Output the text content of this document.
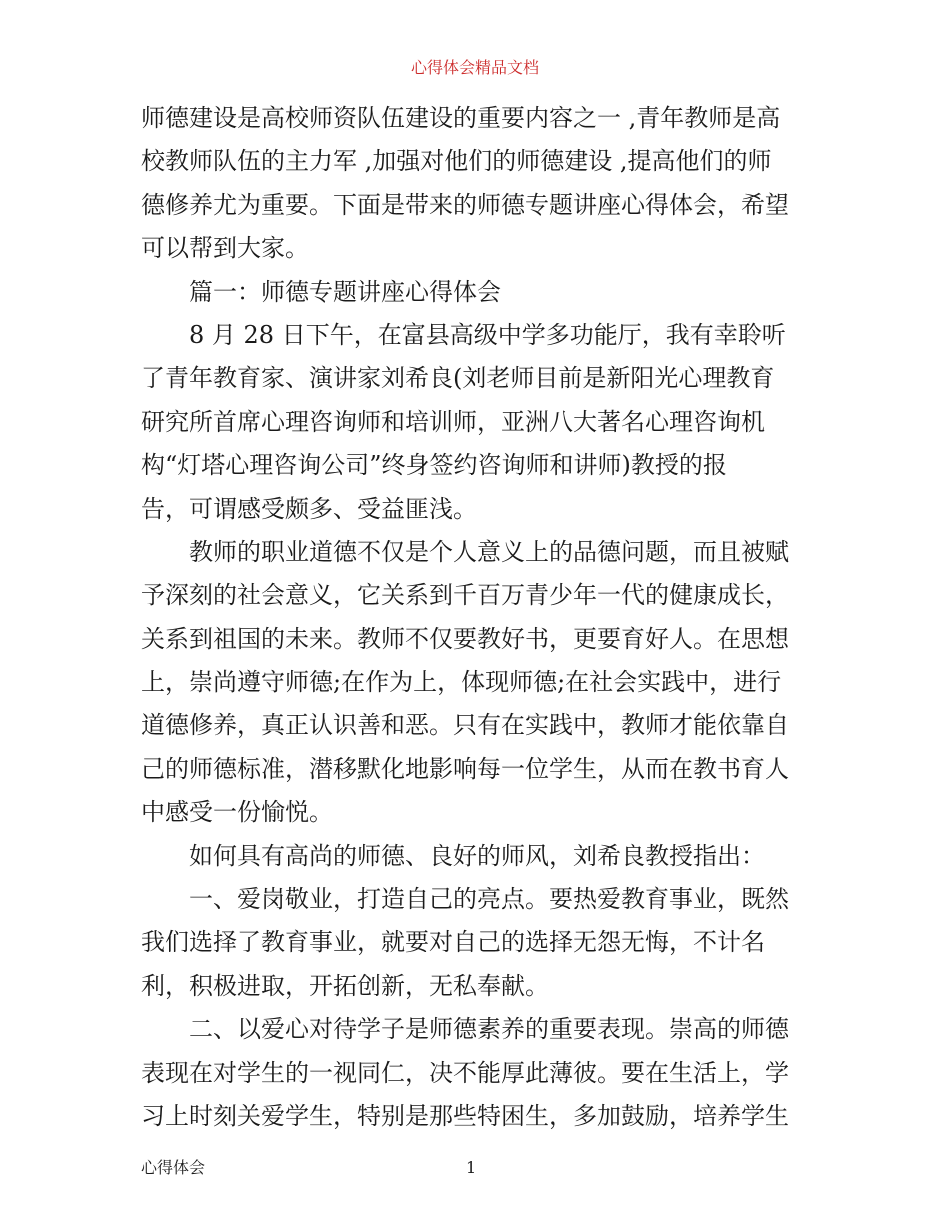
心得体会精品文档
师德建设是高校师资队伍建设的重要内容之一 ,青年教师是高
校教师队伍的主力军 ,加强对他们的师德建设 ,提高他们的师
德修养尤为重要。下面是带来的师德专题讲座心得体会，希望
可以帮到大家。
篇一：师德专题讲座心得体会
8 月 28 日下午，在富县高级中学多功能厅，我有幸聆听
了青年教育家、演讲家刘希良(刘老师目前是新阳光心理教育
研究所首席心理咨询师和培训师，亚洲八大著名心理咨询机
构“灯塔心理咨询公司”终身签约咨询师和讲师)教授的报
告，可谓感受颇多、受益匪浅。
教师的职业道德不仅是个人意义上的品德问题，而且被赋
予深刻的社会意义，它关系到千百万青少年一代的健康成长，
关系到祖国的未来。教师不仅要教好书，更要育好人。在思想
上，崇尚遵守师德;在作为上，体现师德;在社会实践中，进行
道德修养，真正认识善和恶。只有在实践中，教师才能依靠自
己的师德标准，潜移默化地影响每一位学生，从而在教书育人
中感受一份愉悦。
如何具有高尚的师德、良好的师风，刘希良教授指出：
一、爱岗敬业，打造自己的亮点。要热爱教育事业，既然
我们选择了教育事业，就要对自己的选择无怨无悔，不计名
利，积极进取，开拓创新，无私奉献。
二、以爱心对待学子是师德素养的重要表现。崇高的师德
表现在对学生的一视同仁，决不能厚此薄彼。要在生活上，学
习上时刻关爱学生，特别是那些特困生，多加鼓励，培养学生
心得体会	1
